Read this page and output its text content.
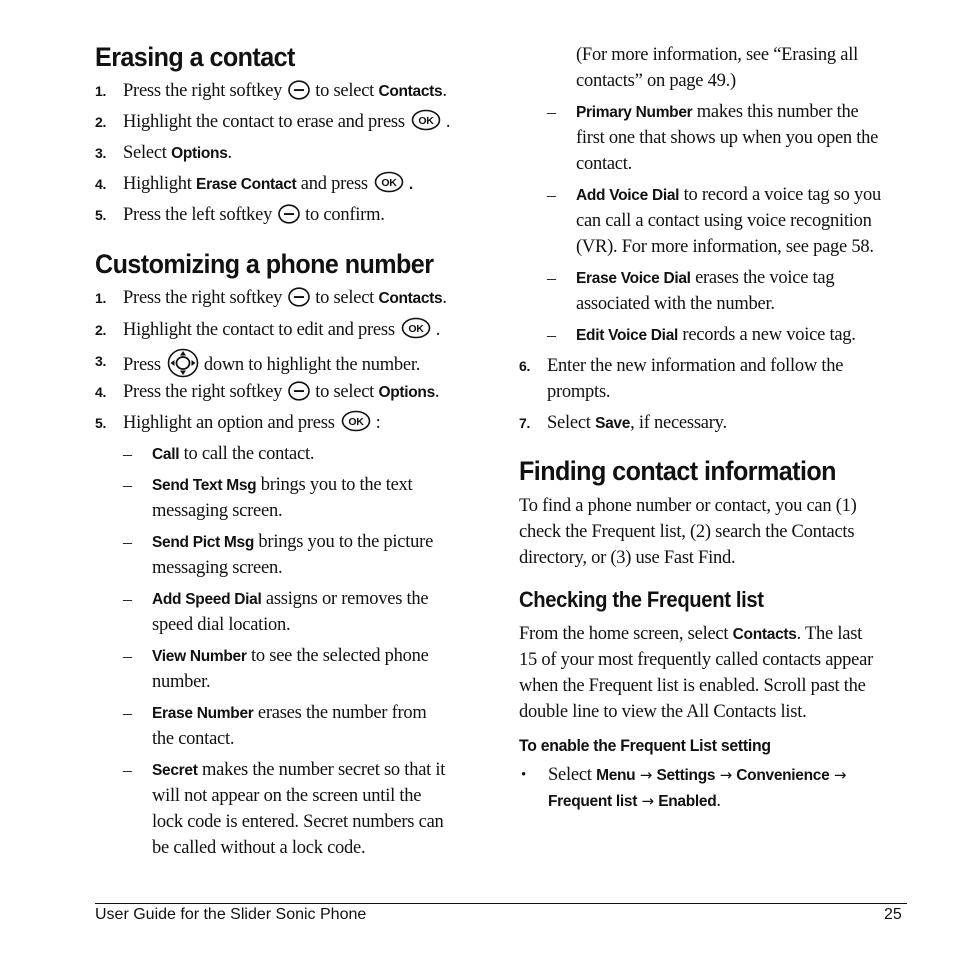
Erasing a contact
1. Press the right softkey to select Contacts.
2. Highlight the contact to erase and press OK .
3. Select Options.
4. Highlight Erase Contact and press OK .
5. Press the left softkey to confirm.
Customizing a phone number
1. Press the right softkey to select Contacts.
2. Highlight the contact to edit and press OK .
3. Press down to highlight the number.
4. Press the right softkey to select Options.
5. Highlight an option and press OK :
– Call to call the contact.
– Send Text Msg brings you to the text
messaging screen.
– Send Pict Msg brings you to the picture
messaging screen.
– Add Speed Dial assigns or removes the
speed dial location.
– View Number to see the selected phone
number.
– Erase Number erases the number from
the contact.
– Secret makes the number secret so that it
will not appear on the screen until the
lock code is entered. Secret numbers can
be called without a lock code.
(For more information, see “Erasing all
contacts” on page 49.)
– Primary Number makes this number the
first one that shows up when you open the
contact.
– Add Voice Dial to record a voice tag so you
can call a contact using voice recognition
(VR). For more information, see page 58.
– Erase Voice Dial erases the voice tag
associated with the number.
– Edit Voice Dial records a new voice tag.
6. Enter the new information and follow the
prompts.
7. Select Save, if necessary.
Finding contact information
To find a phone number or contact, you can (1)
check the Frequent list, (2) search the Contacts
directory, or (3) use Fast Find.
Checking the Frequent list
From the home screen, select Contacts. The last
15 of your most frequently called contacts appear
when the Frequent list is enabled. Scroll past the
double line to view the All Contacts list.
To enable the Frequent List setting
• Select Menu → Settings → Convenience →
Frequent list → Enabled.
User Guide for the Slider Sonic Phone	25
